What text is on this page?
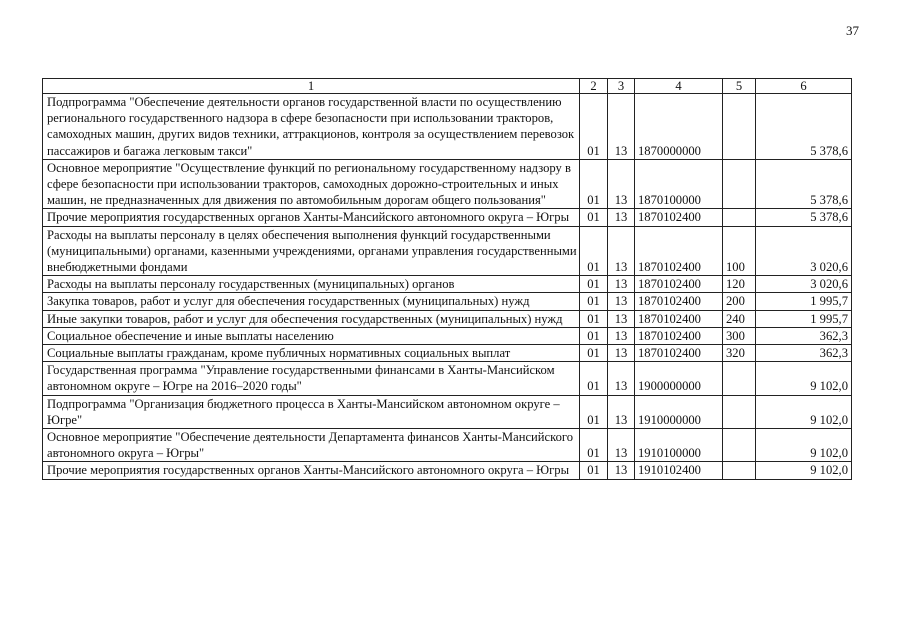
37
1	2	3	4	5	6
Подпрограмма "Обеспечение деятельности органов государственной власти по осуществлению регионального государственного надзора в сфере безопасности при использовании тракторов, самоходных машин, других видов техники, аттракционов, контроля за осуществлением перевозок пассажиров и багажа легковым такси"	01	13	1870000000		5 378,6
Основное мероприятие "Осуществление функций по региональному государственному надзору в сфере безопасности при использовании тракторов, самоходных дорожно-строительных и иных машин, не предназначенных для движения по автомобильным дорогам общего пользования"	01	13	1870100000		5 378,6
Прочие мероприятия государственных органов Ханты-Мансийского автономного округа – Югры	01	13	1870102400		5 378,6
Расходы на выплаты персоналу в целях обеспечения выполнения функций государственными (муниципальными) органами, казенными учреждениями, органами управления государственными внебюджетными фондами	01	13	1870102400	100	3 020,6
Расходы на выплаты персоналу государственных (муниципальных) органов	01	13	1870102400	120	3 020,6
Закупка товаров, работ и услуг для обеспечения государственных (муниципальных) нужд	01	13	1870102400	200	1 995,7
Иные закупки товаров, работ и услуг для обеспечения государственных (муниципальных) нужд	01	13	1870102400	240	1 995,7
Социальное обеспечение и иные выплаты населению	01	13	1870102400	300	362,3
Социальные выплаты гражданам, кроме публичных нормативных социальных выплат	01	13	1870102400	320	362,3
Государственная программа "Управление государственными финансами в Ханты-Мансийском автономном округе – Югре на 2016–2020 годы"	01	13	1900000000		9 102,0
Подпрограмма "Организация бюджетного процесса в Ханты-Мансийском автономном округе – Югре"	01	13	1910000000		9 102,0
Основное мероприятие "Обеспечение деятельности Департамента финансов Ханты-Мансийского автономного округа – Югры"	01	13	1910100000		9 102,0
Прочие мероприятия государственных органов Ханты-Мансийского автономного округа – Югры	01	13	1910102400		9 102,0
